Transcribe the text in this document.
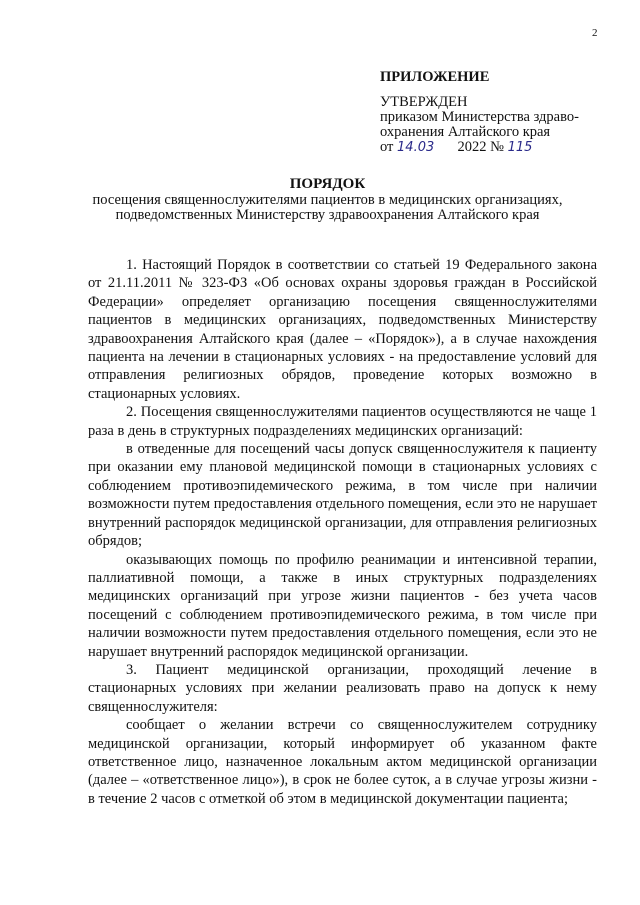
2
ПРИЛОЖЕНИЕ
УТВЕРЖДЕН
приказом Министерства здраво-
охранения Алтайского края
от 14.03 2022 № 115
ПОРЯДОК
посещения священнослужителями пациентов в медицинских организациях,
подведомственных Министерству здравоохранения Алтайского края

1. Настоящий Порядок в соответствии со статьей 19 Федерального закона от 21.11.2011 № 323-ФЗ «Об основах охраны здоровья граждан в Российской Федерации» определяет организацию посещения священнослужителями пациентов в медицинских организациях, подведомственных Министерству здравоохранения Алтайского края (далее – «Порядок»), а в случае нахождения пациента на лечении в стационарных условиях - на предоставление условий для отправления религиозных обрядов, проведение которых возможно в стационарных условиях.

2. Посещения священнослужителями пациентов осуществляются не чаще 1 раза в день в структурных подразделениях медицинских организаций:

в отведенные для посещений часы допуск священнослужителя к пациенту при оказании ему плановой медицинской помощи в стационарных условиях с соблюдением противоэпидемического режима, в том числе при наличии возможности путем предоставления отдельного помещения, если это не нарушает внутренний распорядок медицинской организации, для отправления религиозных обрядов;

оказывающих помощь по профилю реанимации и интенсивной терапии, паллиативной помощи, а также в иных структурных подразделениях медицинских организаций при угрозе жизни пациентов - без учета часов посещений с соблюдением противоэпидемического режима, в том числе при наличии возможности путем предоставления отдельного помещения, если это не нарушает внутренний распорядок медицинской организации.

3. Пациент медицинской организации, проходящий лечение в стационарных условиях при желании реализовать право на допуск к нему священнослужителя:

сообщает о желании встречи со священнослужителем сотруднику медицинской организации, который информирует об указанном факте ответственное лицо, назначенное локальным актом медицинской организации (далее – «ответственное лицо»), в срок не более суток, а в случае угрозы жизни - в течение 2 часов с отметкой об этом в медицинской документации пациента;
